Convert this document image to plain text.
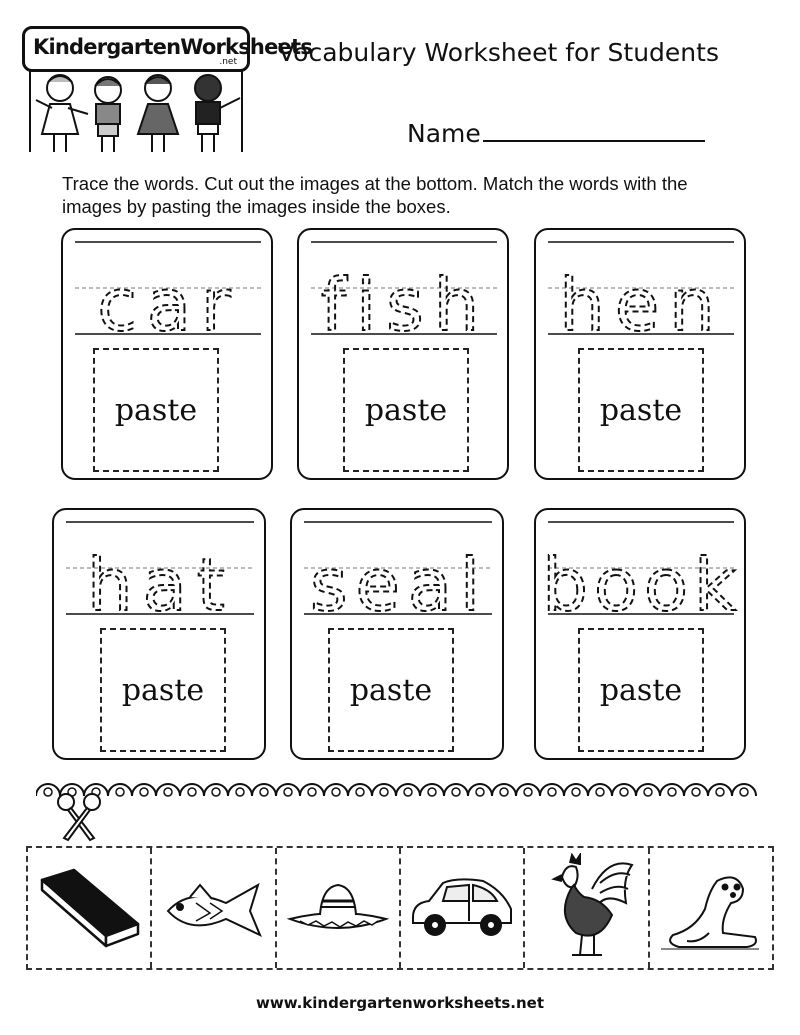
KindergartenWorksheets
.net Vocabulary Worksheet for Students
Name
Trace the words. Cut out the images at the bottom. Match the words with the images by pasting the images inside the boxes.
car
paste
fish
paste
hen
paste
hat
paste
seal
paste
book
paste
www.kindergartenworksheets.net
